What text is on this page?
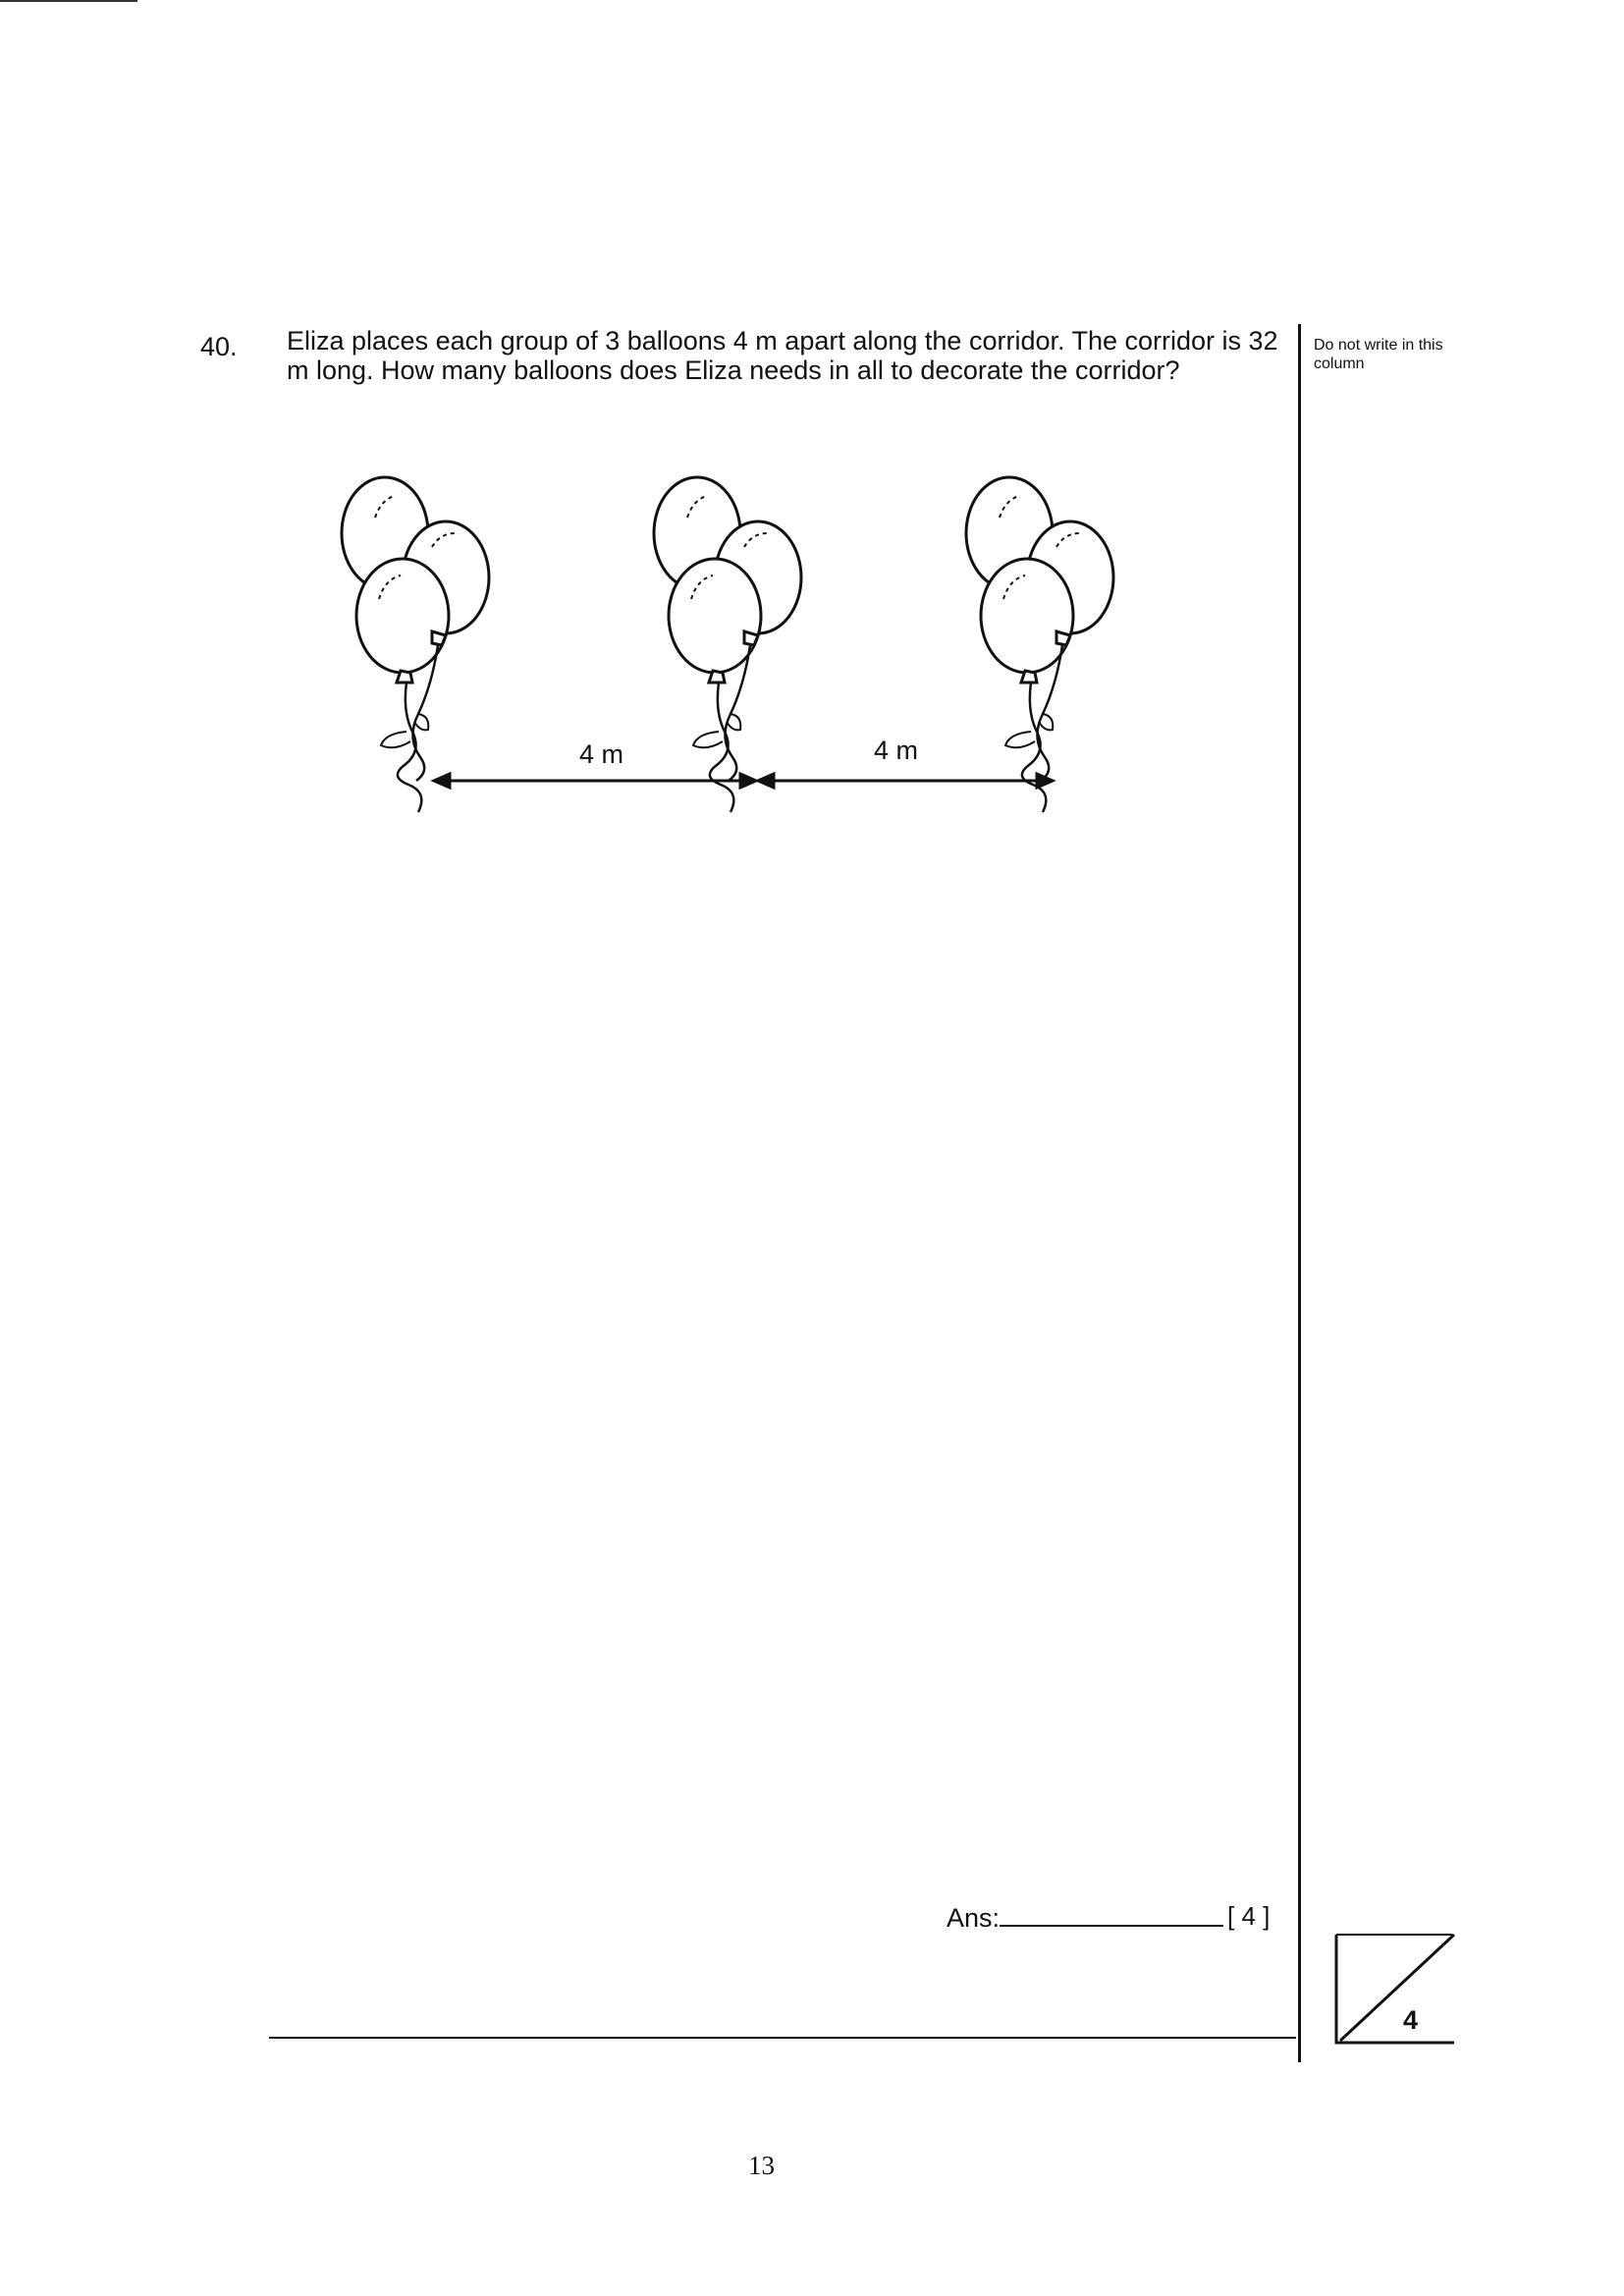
40. Eliza places each group of 3 balloons 4 m apart along the corridor. The corridor is 32 m long. How many balloons does Eliza needs in all to decorate the corridor?
Do not write in this column
4 m	4 m
Ans:	[ 4 ]
4
13
